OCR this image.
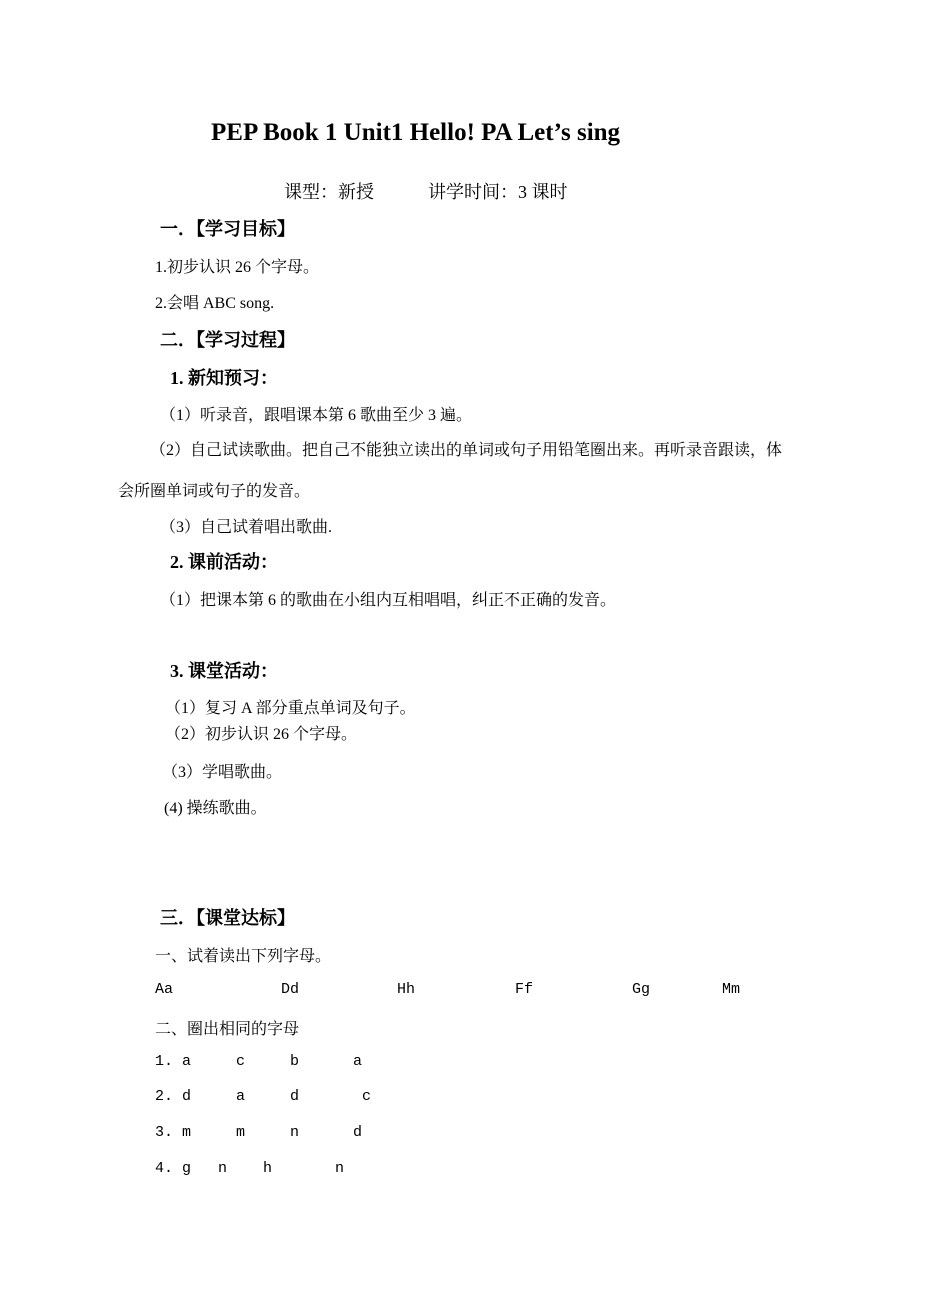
PEP Book 1 Unit1 Hello! PA Let’s sing
课型：新授	讲学时间：3 课时
一．【学习目标】
1.初步认识 26 个字母。
2.会唱 ABC song.
二．【学习过程】
1. 新知预习：
（1）听录音，跟唱课本第 6 歌曲至少 3 遍。
（2）自己试读歌曲。把自己不能独立读出的单词或句子用铅笔圈出来。再听录音跟读，体
会所圈单词或句子的发音。
（3）自己试着唱出歌曲.
2. 课前活动：
（1）把课本第 6 的歌曲在小组内互相唱唱，纠正不正确的发音。
3. 课堂活动：
（1）复习 A 部分重点单词及句子。
（2）初步认识 26 个字母。
（3）学唱歌曲。
(4) 操练歌曲。
三．【课堂达标】
一、试着读出下列字母。
Aa	Dd	Hh	Ff	Gg	Mm
二、圈出相同的字母
1. a	c	b	a
2. d	a	d	c
3. m	m	n	d
4. g n h	n
